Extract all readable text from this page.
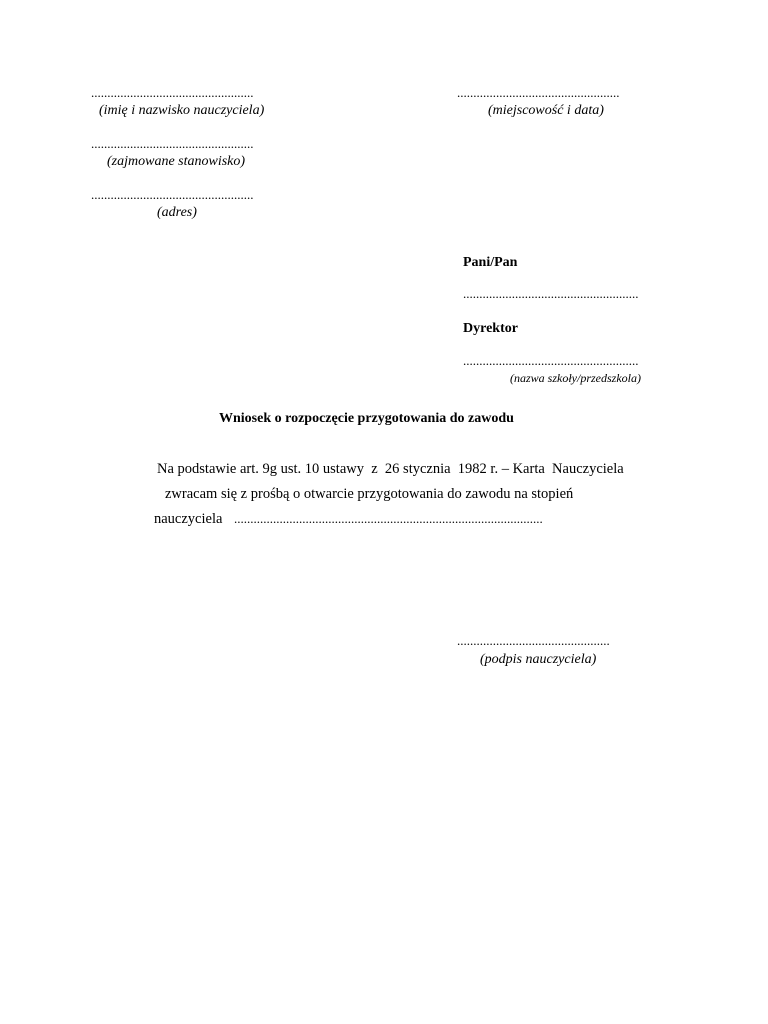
..................................................
(imię i nazwisko nauczyciela)
..................................................
(zajmowane stanowisko)
..................................................
(adres)
..................................................
(miejscowość i data)
Pani/Pan
......................................................
Dyrektor
......................................................
(nazwa szkoły/przedszkola)
Wniosek o rozpoczęcie przygotowania do zawodu
Na podstawie art. 9g ust. 10 ustawy  z  26 stycznia  1982 r. – Karta  Nauczyciela
zwracam się z prośbą o otwarcie przygotowania do zawodu na stopień
nauczyciela ...............................................................................................
...............................................
(podpis nauczyciela)
